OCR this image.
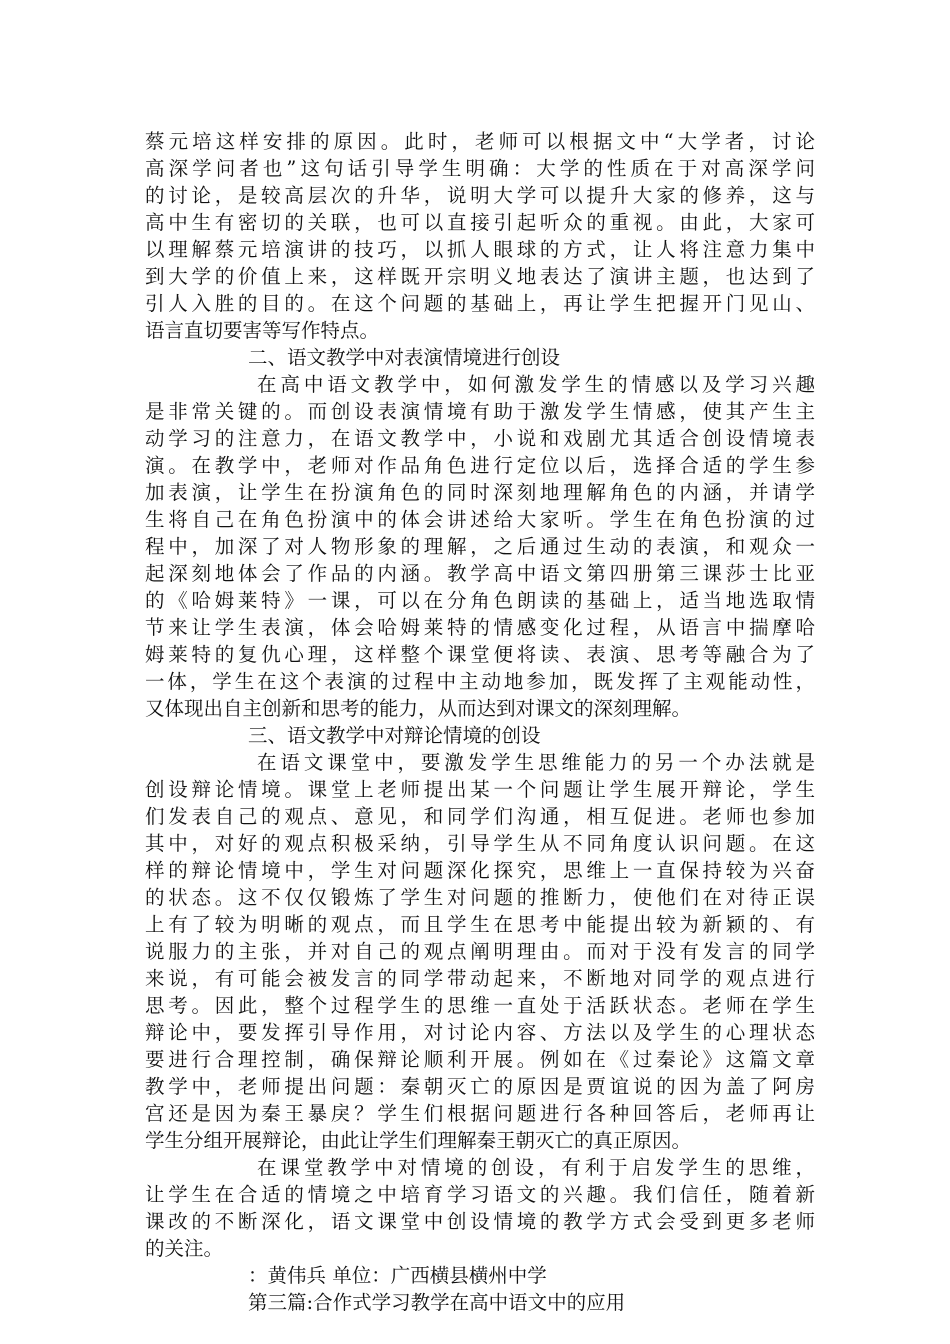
蔡元培这样安排的原因。此时，老师可以根据文中“大学者，讨论
高深学问者也”这句话引导学生明确：大学的性质在于对高深学问
的讨论，是较高层次的升华，说明大学可以提升大家的修养，这与
高中生有密切的关联，也可以直接引起听众的重视。由此，大家可
以理解蔡元培演讲的技巧，以抓人眼球的方式，让人将注意力集中
到大学的价值上来，这样既开宗明义地表达了演讲主题，也达到了
引人入胜的目的。在这个问题的基础上，再让学生把握开门见山、
语言直切要害等写作特点。
二、语文教学中对表演情境进行创设
在高中语文教学中，如何激发学生的情感以及学习兴趣
是非常关键的。而创设表演情境有助于激发学生情感，使其产生主
动学习的注意力，在语文教学中，小说和戏剧尤其适合创设情境表
演。在教学中，老师对作品角色进行定位以后，选择合适的学生参
加表演，让学生在扮演角色的同时深刻地理解角色的内涵，并请学
生将自己在角色扮演中的体会讲述给大家听。学生在角色扮演的过
程中，加深了对人物形象的理解，之后通过生动的表演，和观众一
起深刻地体会了作品的内涵。教学高中语文第四册第三课莎士比亚
的《哈姆莱特》一课，可以在分角色朗读的基础上，适当地选取情
节来让学生表演，体会哈姆莱特的情感变化过程，从语言中揣摩哈
姆莱特的复仇心理，这样整个课堂便将读、表演、思考等融合为了
一体，学生在这个表演的过程中主动地参加，既发挥了主观能动性，
又体现出自主创新和思考的能力，从而达到对课文的深刻理解。
三、语文教学中对辩论情境的创设
在语文课堂中，要激发学生思维能力的另一个办法就是
创设辩论情境。课堂上老师提出某一个问题让学生展开辩论，学生
们发表自己的观点、意见，和同学们沟通，相互促进。老师也参加
其中，对好的观点积极采纳，引导学生从不同角度认识问题。在这
样的辩论情境中，学生对问题深化探究，思维上一直保持较为兴奋
的状态。这不仅仅锻炼了学生对问题的推断力，使他们在对待正误
上有了较为明晰的观点，而且学生在思考中能提出较为新颖的、有
说服力的主张，并对自己的观点阐明理由。而对于没有发言的同学
来说，有可能会被发言的同学带动起来，不断地对同学的观点进行
思考。因此，整个过程学生的思维一直处于活跃状态。老师在学生
辩论中，要发挥引导作用，对讨论内容、方法以及学生的心理状态
要进行合理控制，确保辩论顺利开展。例如在《过秦论》这篇文章
教学中，老师提出问题：秦朝灭亡的原因是贾谊说的因为盖了阿房
宫还是因为秦王暴戾？学生们根据问题进行各种回答后，老师再让
学生分组开展辩论，由此让学生们理解秦王朝灭亡的真正原因。
在课堂教学中对情境的创设，有利于启发学生的思维，
让学生在合适的情境之中培育学习语文的兴趣。我们信任，随着新
课改的不断深化，语文课堂中创设情境的教学方式会受到更多老师
的关注。
：黄伟兵 单位：广西横县横州中学
第三篇:合作式学习教学在高中语文中的应用
